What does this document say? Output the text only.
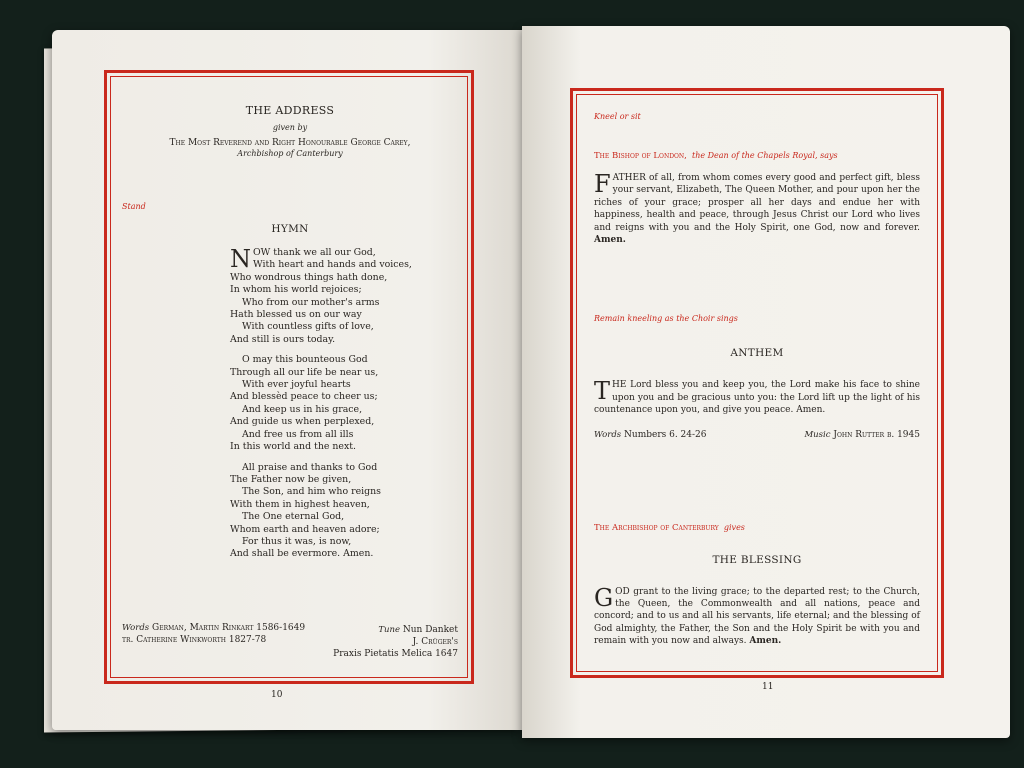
THE ADDRESS
given by
The Most Reverend and Right Honourable George Carey,
Archbishop of Canterbury
Stand
HYMN
NOW thank we all our God,
With heart and hands and voices,
Who wondrous things hath done,
In whom his world rejoices;
Who from our mother's arms
Hath blessed us on our way
With countless gifts of love,
And still is ours today.
O may this bounteous God
Through all our life be near us,
With ever joyful hearts
And blessèd peace to cheer us;
And keep us in his grace,
And guide us when perplexed,
And free us from all ills
In this world and the next.
All praise and thanks to God
The Father now be given,
The Son, and him who reigns
With them in highest heaven,
The One eternal God,
Whom earth and heaven adore;
For thus it was, is now,
And shall be evermore. Amen.
Words German, Martin Rinkart 1586-1649
tr. Catherine Winkworth 1827-78
Tune Nun Danket
J. Crüger's
Praxis Pietatis Melica 1647
10
Kneel or sit
The Bishop of London, the Dean of the Chapels Royal, says
FATHER of all, from whom comes every good and perfect gift, bless your servant, Elizabeth, The Queen Mother, and pour upon her the riches of your grace; prosper all her days and endue her with happiness, health and peace, through Jesus Christ our Lord who lives and reigns with you and the Holy Spirit, one God, now and forever. Amen.
Remain kneeling as the Choir sings
ANTHEM
THE Lord bless you and keep you, the Lord make his face to shine upon you and be gracious unto you: the Lord lift up the light of his countenance upon you, and give you peace. Amen.
Words Numbers 6. 24-26	Music John Rutter b. 1945
The Archbishop of Canterbury gives
THE BLESSING
GOD grant to the living grace; to the departed rest; to the Church, the Queen, the Commonwealth and all nations, peace and concord; and to us and all his servants, life eternal; and the blessing of God almighty, the Father, the Son and the Holy Spirit be with you and remain with you now and always. Amen.
11
